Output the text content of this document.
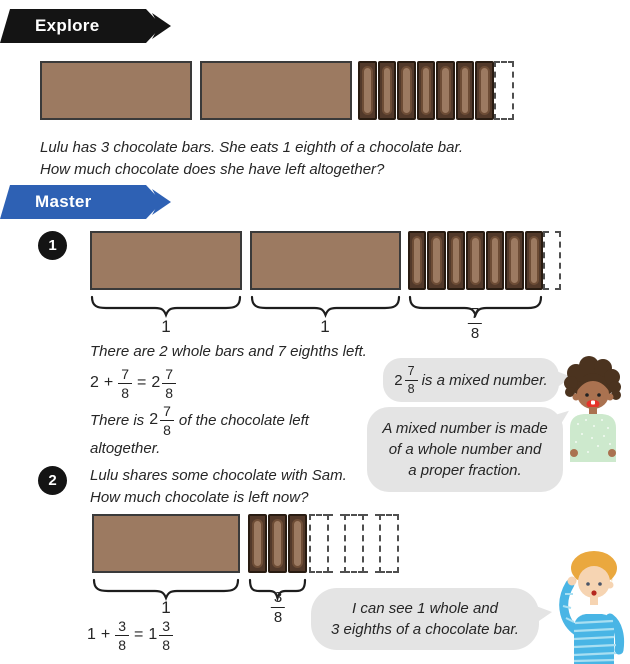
Explore
Lulu has 3 chocolate bars. She eats 1 eighth of a chocolate bar.
How much chocolate does she have left altogether?
Master
1
1	1	$\frac{7}{8}$
There are 2 whole bars and 7 eighths left.
$2 + \frac{7}{8} = 2 \frac{7}{8}$
There is $2 \frac{7}{8}$ of the chocolate left
altogether.
$2 \frac{7}{8}$ is a mixed number.
A mixed number is made
of a whole number and
a proper fraction.
2	Lulu shares some chocolate with Sam.
How much chocolate is left now?
1	$\frac{3}{8}$
$1 + \frac{3}{8} = 1 \frac{3}{8}$
I can see 1 whole and
3 eighths of a chocolate bar.
